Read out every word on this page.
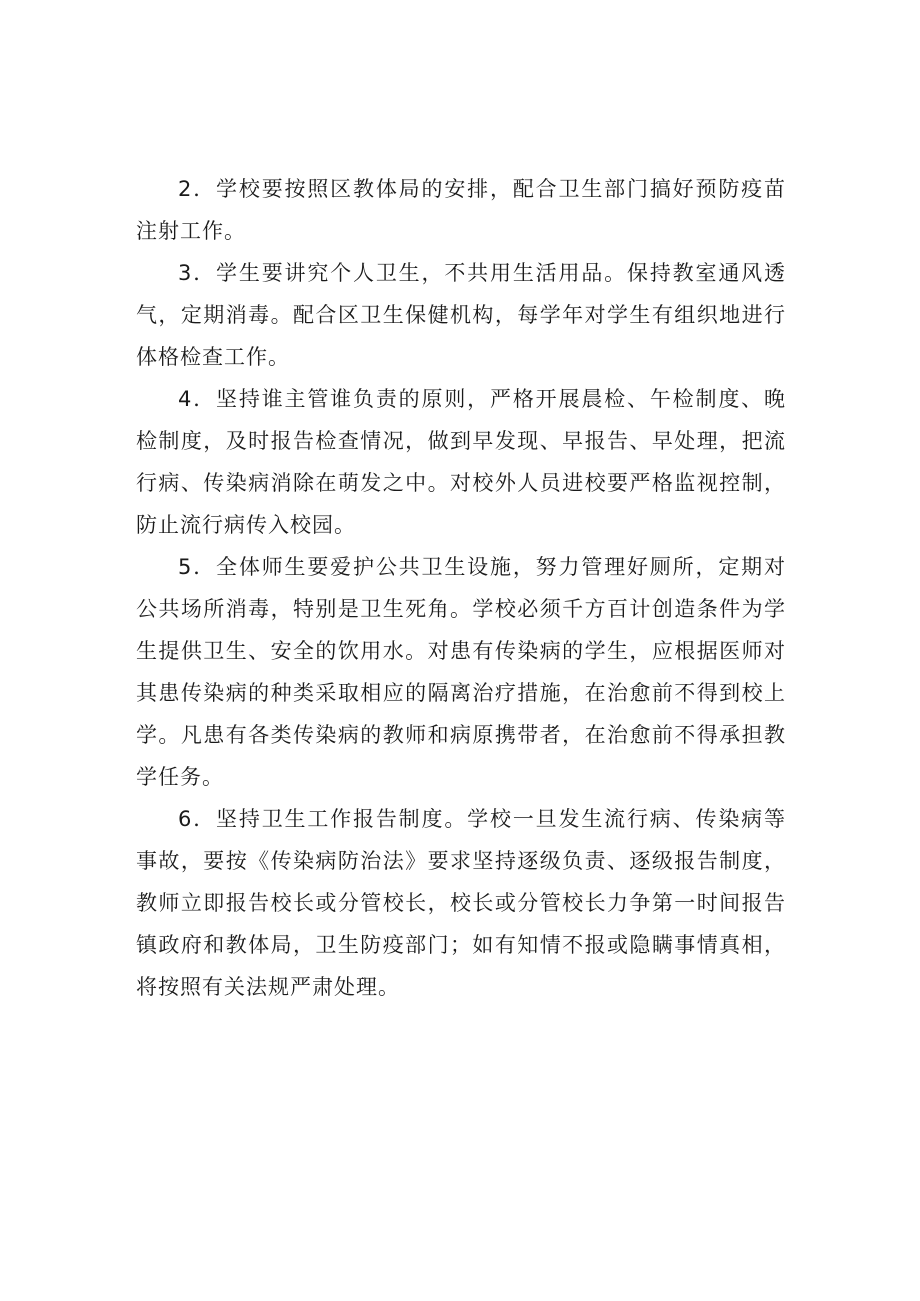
2．学校要按照区教体局的安排，配合卫生部门搞好预防疫苗注射工作。

3．学生要讲究个人卫生，不共用生活用品。保持教室通风透气，定期消毒。配合区卫生保健机构，每学年对学生有组织地进行体格检查工作。

4．坚持谁主管谁负责的原则，严格开展晨检、午检制度、晚检制度，及时报告检查情况，做到早发现、早报告、早处理，把流行病、传染病消除在萌发之中。对校外人员进校要严格监视控制，防止流行病传入校园。

5．全体师生要爱护公共卫生设施，努力管理好厕所，定期对公共场所消毒，特别是卫生死角。学校必须千方百计创造条件为学生提供卫生、安全的饮用水。对患有传染病的学生，应根据医师对其患传染病的种类采取相应的隔离治疗措施，在治愈前不得到校上学。凡患有各类传染病的教师和病原携带者，在治愈前不得承担教学任务。

6．坚持卫生工作报告制度。学校一旦发生流行病、传染病等事故，要按《传染病防治法》要求坚持逐级负责、逐级报告制度，教师立即报告校长或分管校长，校长或分管校长力争第一时间报告镇政府和教体局，卫生防疫部门；如有知情不报或隐瞒事情真相，将按照有关法规严肃处理。
